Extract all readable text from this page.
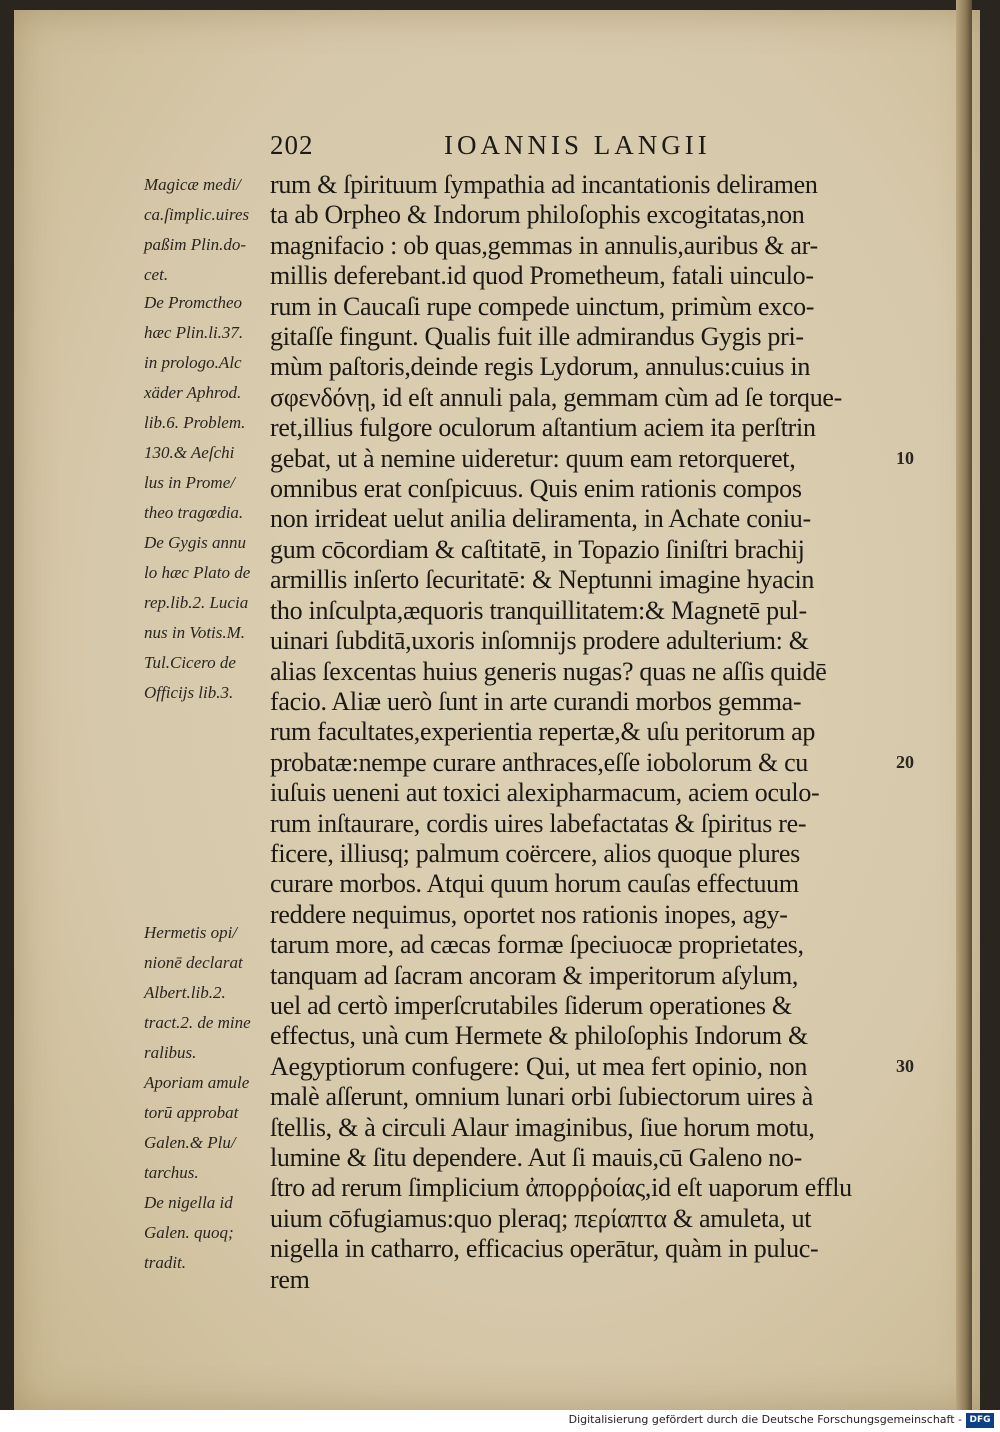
202	IOANNIS LANGII

Magicæ medi/
ca.ſimplic.uires
paßim Plin.do-
cet.

De Promctheo
hæc Plin.li.37.
in prologo.Alc
xäder Aphrod.
lib.6. Problem.
130.& Aeſchi
lus in Prome/
theo tragœdia.
De Gygis annu
lo hæc Plato de
rep.lib.2. Lucia
nus in Votis.M.
Tul.Cicero de
Officijs lib.3.

Hermetis opi/
nionē declarat
Albert.lib.2.
tract.2. de mine
ralibus.
Aporiam amule
torū approbat
Galen.& Plu/
tarchus.
De nigella id
Galen. quoq;
tradit.

rum & ſpirituum ſympathia ad incantationis deliramen
ta ab Orpheo & Indorum philoſophis excogitatas,non
magnifacio : ob quas,gemmas in annulis,auribus & ar-
millis deferebant.id quod Prometheum, fatali uinculo-
rum in Caucaſi rupe compede uinctum, primùm exco-
gitaſſe fingunt. Qualis fuit ille admirandus Gygis pri-
mùm paſtoris,deinde regis Lydorum, annulus:cuius in
σφενδόνῃ, id eſt annuli pala, gemmam cùm ad ſe torque-
ret,illius fulgore oculorum aſtantium aciem ita perſtrin
gebat, ut à nemine uideretur: quum eam retorqueret,
omnibus erat conſpicuus. Quis enim rationis compos
non irrideat uelut anilia deliramenta, in Achate coniu-
gum cōcordiam & caſtitatē, in Topazio ſiniſtri brachij
armillis inſerto ſecuritatē: & Neptunni imagine hyacin
tho inſculpta,æquoris tranquillitatem:& Magnetē pul-
uinari ſubditā,uxoris inſomnijs prodere adulterium: &
alias ſexcentas huius generis nugas? quas ne aſſis quidē
facio. Aliæ uerò ſunt in arte curandi morbos gemma-
rum facultates,experientia repertæ,& uſu peritorum ap
probatæ:nempe curare anthraces,eſſe iobolorum & cu
iuſuis ueneni aut toxici alexipharmacum, aciem oculo-
rum inſtaurare, cordis uires labefactatas & ſpiritus re-
ficere, illiusq; palmum coërcere, alios quoque plures
curare morbos. Atqui quum horum cauſas effectuum
reddere nequimus, oportet nos rationis inopes, agy-
tarum more, ad cæcas formæ ſpeciuocæ proprietates,
tanquam ad ſacram ancoram & imperitorum aſylum,
uel ad certò imperſcrutabiles ſiderum operationes &
effectus, unà cum Hermete & philoſophis Indorum &
Aegyptiorum confugere: Qui, ut mea fert opinio, non
malè aſſerunt, omnium lunari orbi ſubiectorum uires à
ſtellis, & à circuli Alaur imaginibus, ſiue horum motu,
lumine & ſitu dependere. Aut ſi mauis,cū Galeno no-
ſtro ad rerum ſimplicium ἀπορρῥοίας,id eſt uaporum efflu
uium cōfugiamus:quo pleraq; περίαπτα & amuleta, ut
nigella in catharro, efficacius operātur, quàm in puluc-
rem
10
20
30
Digitalisierung gefördert durch die Deutsche Forschungsgemeinschaft - DFG
